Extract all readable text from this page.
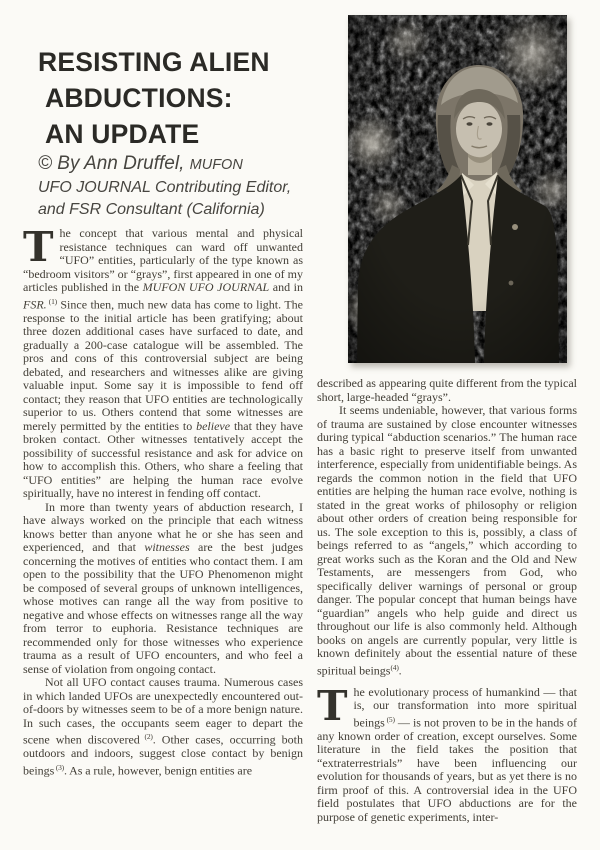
RESISTING ALIEN
ABDUCTIONS:
AN UPDATE
© By Ann Druffel, MUFON
UFO JOURNAL Contributing Editor,
and FSR Consultant (California)

The concept that various mental and physical resistance techniques can ward off unwanted “UFO” entities, particularly of the type known as “bedroom visitors” or “grays”, first appeared in one of my articles published in the MUFON UFO JOURNAL and in FSR. $^{(1)}$ Since then, much new data has come to light. The response to the initial article has been gratifying; about three dozen additional cases have surfaced to date, and gradually a 200-case catalogue will be assembled. The pros and cons of this controversial subject are being debated, and researchers and witnesses alike are giving valuable input. Some say it is impossible to fend off contact; they reason that UFO entities are technologically superior to us. Others contend that some witnesses are merely permitted by the entities to believe that they have broken contact. Other witnesses tentatively accept the possibility of successful resistance and ask for advice on how to accomplish this. Others, who share a feeling that “UFO entities” are helping the human race evolve spiritually, have no interest in fending off contact.

In more than twenty years of abduction research, I have always worked on the principle that each witness knows better than anyone what he or she has seen and experienced, and that witnesses are the best judges concerning the motives of entities who contact them. I am open to the possibility that the UFO Phenomenon might be composed of several groups of unknown intelligences, whose motives can range all the way from positive to negative and whose effects on witnesses range all the way from terror to euphoria. Resistance techniques are recommended only for those witnesses who experience trauma as a result of UFO encounters, and who feel a sense of violation from ongoing contact.

Not all UFO contact causes trauma. Numerous cases in which landed UFOs are unexpectedly encountered out-of-doors by witnesses seem to be of a more benign nature. In such cases, the occupants seem eager to depart the scene when discovered $^{(2)}$. Other cases, occurring both outdoors and indoors, suggest close contact by benign beings $^{(3)}$. As a rule, however, benign entities are

described as appearing quite different from the typical short, large-headed “grays”.

It seems undeniable, however, that various forms of trauma are sustained by close encounter witnesses during typical “abduction scenarios.” The human race has a basic right to preserve itself from unwanted interference, especially from unidentifiable beings. As regards the common notion in the field that UFO entities are helping the human race evolve, nothing is stated in the great works of philosophy or religion about other orders of creation being responsible for us. The sole exception to this is, possibly, a class of beings referred to as “angels,” which according to great works such as the Koran and the Old and New Testaments, are messengers from God, who specifically deliver warnings of personal or group danger. The popular concept that human beings have “guardian” angels who help guide and direct us throughout our life is also commonly held. Although books on angels are currently popular, very little is known definitely about the essential nature of these spiritual beings$^{(4)}$.

The evolutionary process of humankind — that is, our transformation into more spiritual beings $^{(5)}$ — is not proven to be in the hands of any known order of creation, except ourselves. Some literature in the field takes the position that “extraterrestrials” have been influencing our evolution for thousands of years, but as yet there is no firm proof of this. A controversial idea in the UFO field postulates that UFO abductions are for the purpose of genetic experiments, inter-
